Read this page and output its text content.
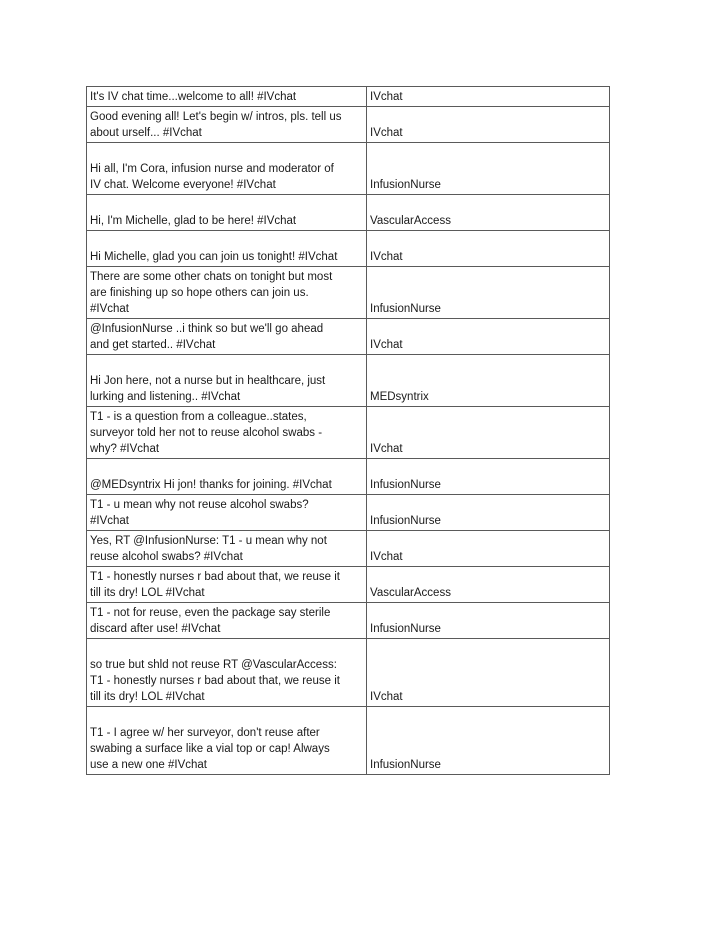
It's IV chat time...welcome to all! #IVchat	IVchat
Good evening all! Let's begin w/ intros, pls. tell us
about urself... #IVchat	IVchat
Hi all, I'm Cora, infusion nurse and moderator of
IV chat. Welcome everyone! #IVchat	InfusionNurse
Hi, I'm Michelle, glad to be here! #IVchat	VascularAccess
Hi Michelle, glad you can join us tonight! #IVchat	IVchat
There are some other chats on tonight but most
are finishing up so hope others can join us.
#IVchat	InfusionNurse
@InfusionNurse ..i think so but we'll go ahead
and get started.. #IVchat	IVchat
Hi Jon here, not a nurse but in healthcare, just
lurking and listening.. #IVchat	MEDsyntrix
T1 - is a question from a colleague..states,
surveyor told her not to reuse alcohol swabs -
why? #IVchat	IVchat
@MEDsyntrix Hi jon! thanks for joining. #IVchat	InfusionNurse
T1 - u mean why not reuse alcohol swabs?
#IVchat	InfusionNurse
Yes, RT @InfusionNurse: T1 - u mean why not
reuse alcohol swabs? #IVchat	IVchat
T1 - honestly nurses r bad about that, we reuse it
till its dry! LOL #IVchat	VascularAccess
T1 - not for reuse, even the package say sterile
discard after use! #IVchat	InfusionNurse
so true but shld not reuse RT @VascularAccess:
T1 - honestly nurses r bad about that, we reuse it
till its dry! LOL #IVchat	IVchat
T1 - I agree w/ her surveyor, don't reuse after
swabing a surface like a vial top or cap! Always
use a new one #IVchat	InfusionNurse
